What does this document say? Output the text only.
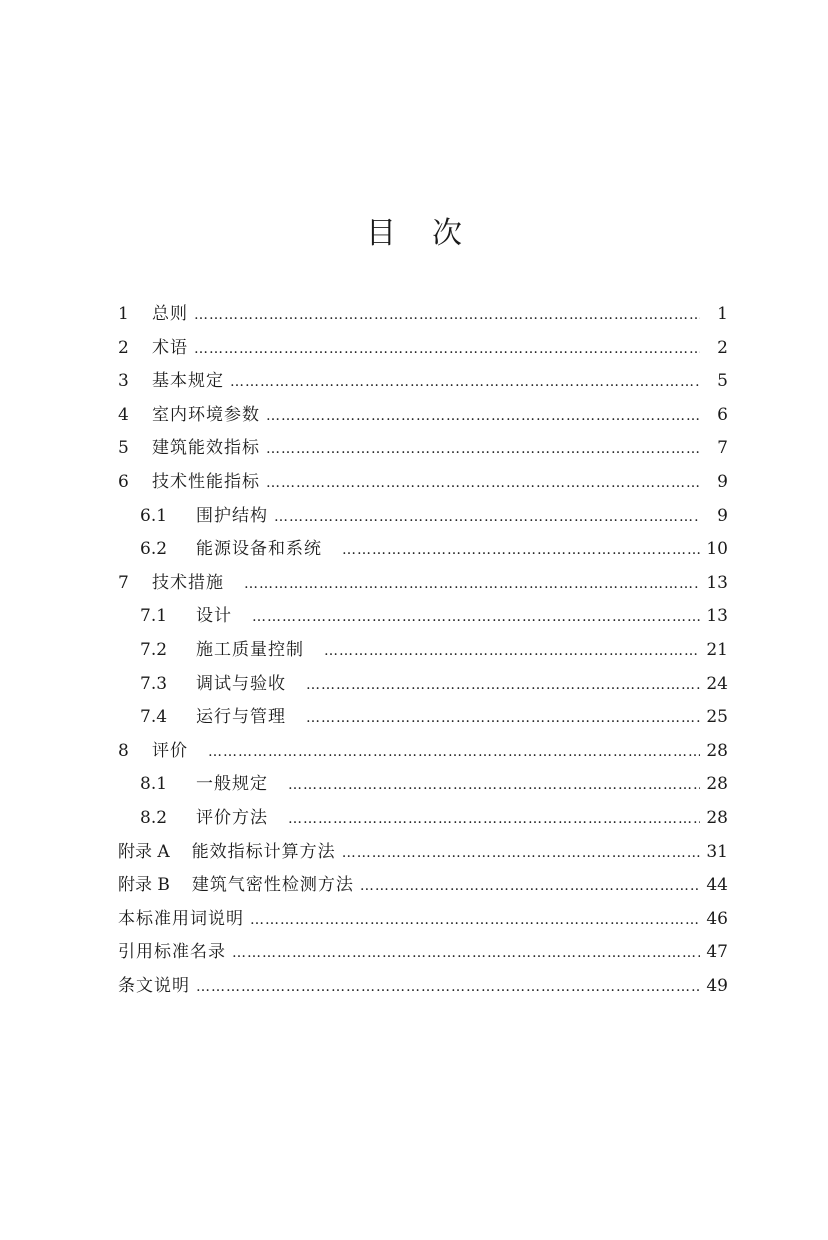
目次
1	总则 ………………………………………………………………………………………………………………………………………………………………	1
2	术语 ………………………………………………………………………………………………………………………………………………………………	2
3	基本规定 ………………………………………………………………………………………………………………………………………………………………	5
4	室内环境参数 ………………………………………………………………………………………………………………………………………………………………	6
5	建筑能效指标 ………………………………………………………………………………………………………………………………………………………………	7
6	技术性能指标 ………………………………………………………………………………………………………………………………………………………………	9
6.1	围护结构 ………………………………………………………………………………………………………………………………………………………………	9
6.2	能源设备和系统 ………………………………………………………………………………………………………………………………………………………………	10
7	技术措施 ………………………………………………………………………………………………………………………………………………………………	13
7.1	设计 ………………………………………………………………………………………………………………………………………………………………	13
7.2	施工质量控制 ………………………………………………………………………………………………………………………………………………………………	21
7.3	调试与验收 ………………………………………………………………………………………………………………………………………………………………	24
7.4	运行与管理 ………………………………………………………………………………………………………………………………………………………………	25
8	评价 ………………………………………………………………………………………………………………………………………………………………	28
8.1	一般规定 ………………………………………………………………………………………………………………………………………………………………	28
8.2	评价方法 ………………………………………………………………………………………………………………………………………………………………	28
附录 A 能效指标计算方法 ………………………………………………………………………………………………………………………………………………………………	31
附录 B 建筑气密性检测方法 ………………………………………………………………………………………………………………………………………………………………	44
本标准用词说明 ………………………………………………………………………………………………………………………………………………………………	46
引用标准名录 ………………………………………………………………………………………………………………………………………………………………	47
条文说明 ………………………………………………………………………………………………………………………………………………………………	49
